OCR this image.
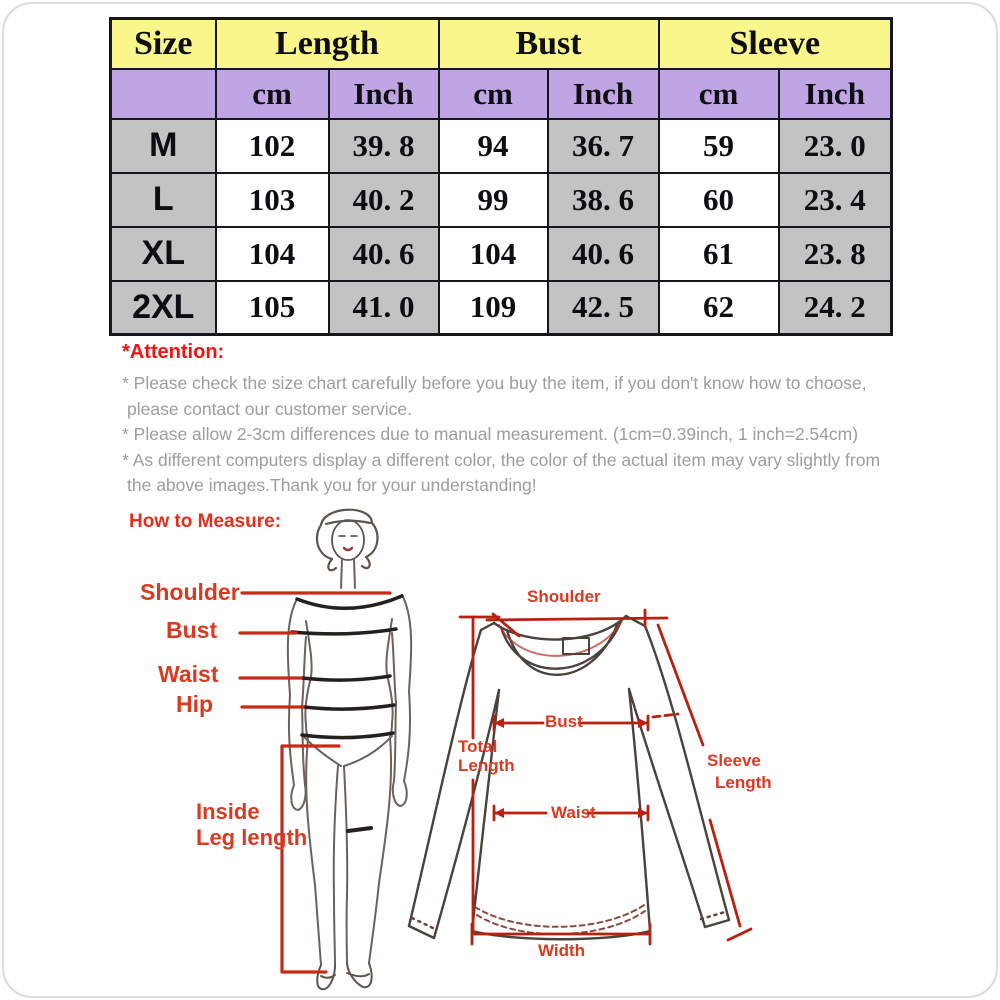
Size	Length		Bust		Sleeve	
	cm	Inch	cm	Inch	cm	Inch
M	102	39. 8	94	36. 7	59	23. 0
L	103	40. 2	99	38. 6	60	23. 4
XL	104	40. 6	104	40. 6	61	23. 8
2XL	105	41. 0	109	42. 5	62	24. 2
*Attention:
* Please check the size chart carefully before you buy the item, if you don't know how to choose,
please contact our customer service.
* Please allow 2-3cm differences due to manual measurement. (1cm=0.39inch, 1 inch=2.54cm)
* As different computers display a different color, the color of the actual item may vary slightly from
the above images.Thank you for your understanding!
How to Measure:
Shoulder
Bust
Waist
Hip
Inside
Leg length
Shoulder
Total
Length
Bust
Waist
Sleeve
Length
Width
